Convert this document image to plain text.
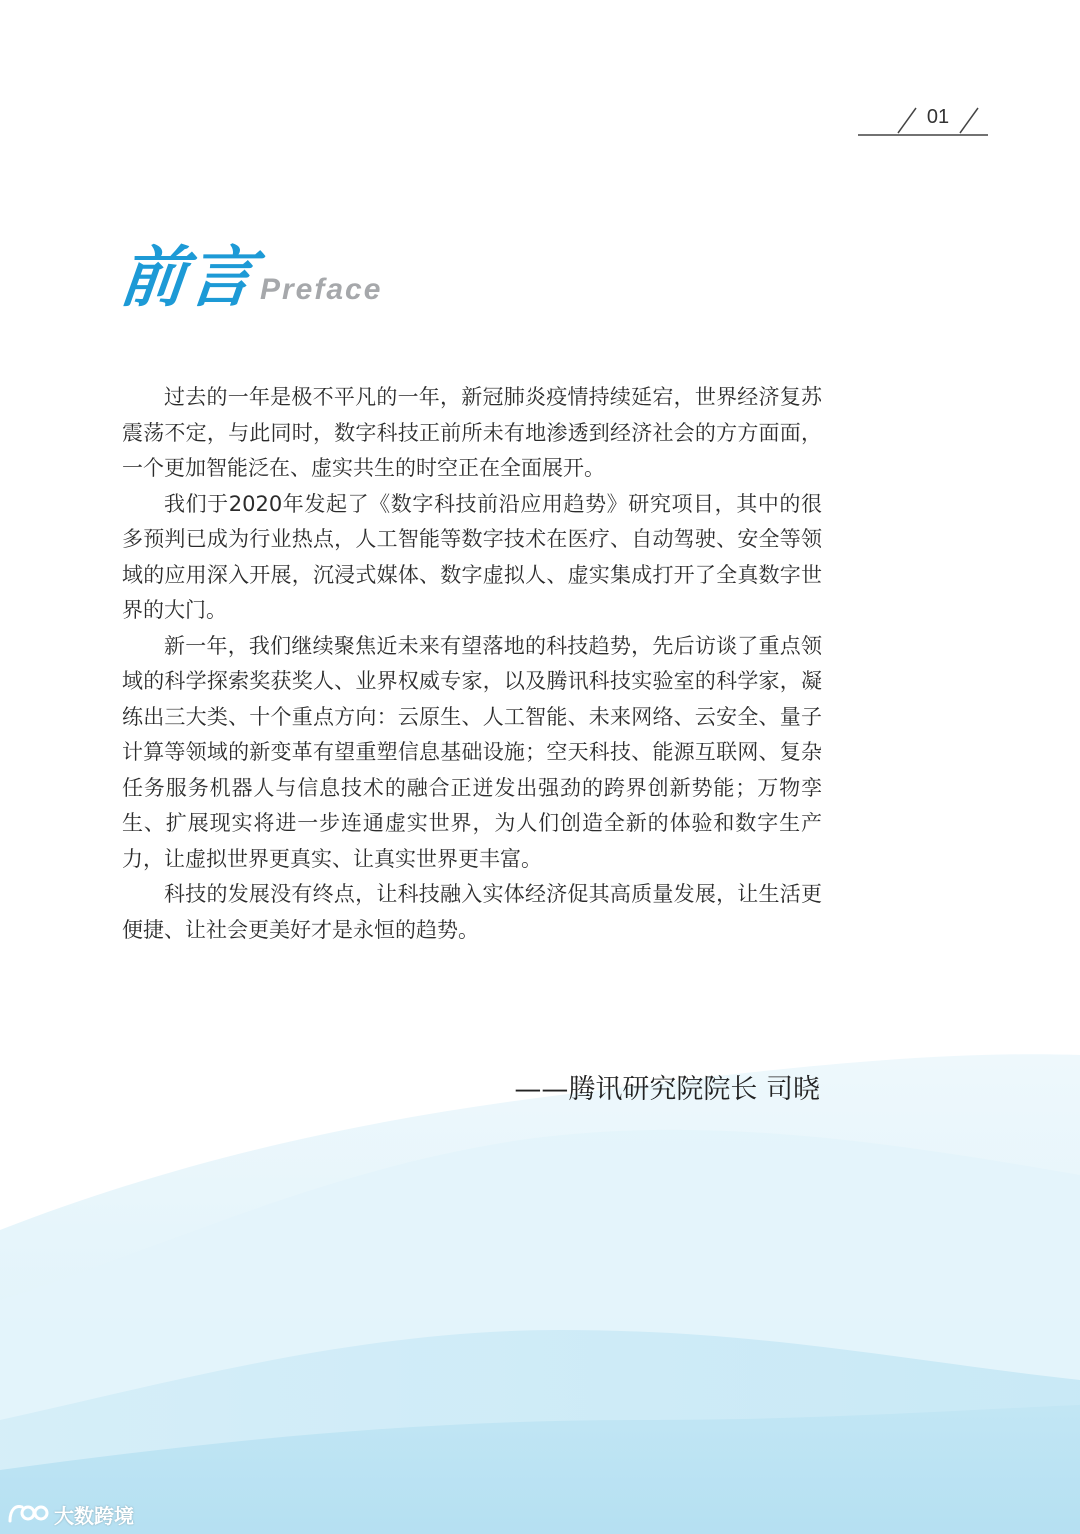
01
前言 Preface

过去的一年是极不平凡的一年，新冠肺炎疫情持续延宕，世界经济复苏震荡不定，与此同时，数字科技正前所未有地渗透到经济社会的方方面面，一个更加智能泛在、虚实共生的时空正在全面展开。

我们于2020年发起了《数字科技前沿应用趋势》研究项目，其中的很多预判已成为行业热点，人工智能等数字技术在医疗、自动驾驶、安全等领域的应用深入开展，沉浸式媒体、数字虚拟人、虚实集成打开了全真数字世界的大门。

新一年，我们继续聚焦近未来有望落地的科技趋势，先后访谈了重点领域的科学探索奖获奖人、业界权威专家，以及腾讯科技实验室的科学家，凝练出三大类、十个重点方向：云原生、人工智能、未来网络、云安全、量子计算等领域的新变革有望重塑信息基础设施；空天科技、能源互联网、复杂任务服务机器人与信息技术的融合正迸发出强劲的跨界创新势能；万物孪生、扩展现实将进一步连通虚实世界，为人们创造全新的体验和数字生产力，让虚拟世界更真实、让真实世界更丰富。

科技的发展没有终点，让科技融入实体经济促其高质量发展，让生活更便捷、让社会更美好才是永恒的趋势。

——腾讯研究院院长 司晓
大数跨境
